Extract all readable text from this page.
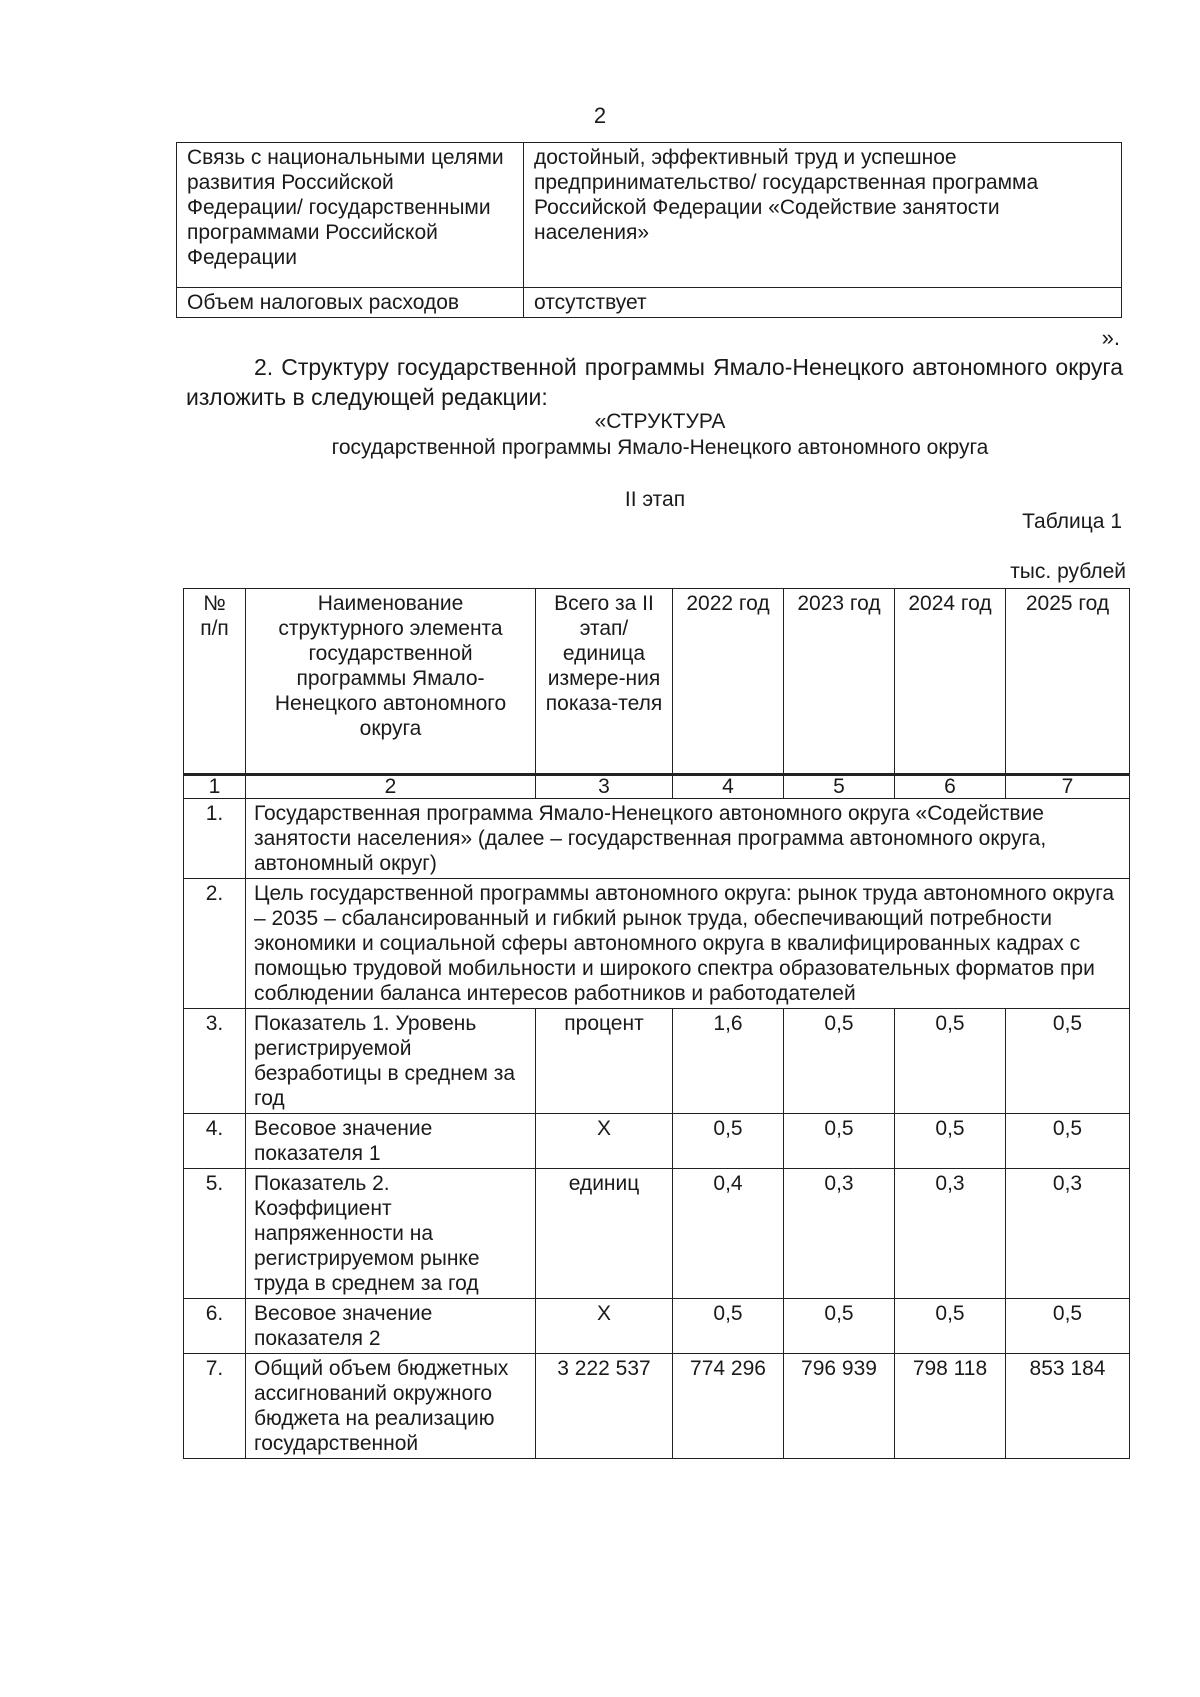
2
Связь с национальными целями развития Российской Федерации/ государственными программами Российской Федерации	достойный, эффективный труд и успешное предпринимательство/ государственная программа Российской Федерации «Содействие занятости населения»
Объем налоговых расходов	отсутствует
».

2. Структуру государственной программы Ямало-Ненецкого автономного округа изложить в следующей редакции:

«СТРУКТУРА
государственной программы Ямало-Ненецкого автономного округа
II этап
Таблица 1
тыс. рублей
№ п/п	Наименование структурного элемента государственной программы Ямало-Ненецкого автономного округа	Всего за II этап/ единица измере-ния показа-теля	2022 год	2023 год	2024 год	2025 год
1	2	3	4	5	6	7
1.	Государственная программа Ямало-Ненецкого автономного округа «Содействие занятости населения» (далее – государственная программа автономного округа, автономный округ)					
2.	Цель государственной программы автономного округа: рынок труда автономного округа – 2035 – сбалансированный и гибкий рынок труда, обеспечивающий потребности экономики и социальной сферы автономного округа в квалифицированных кадрах с помощью трудовой мобильности и широкого спектра образовательных форматов при соблюдении баланса интересов работников и работодателей					
3.	Показатель 1. Уровень регистрируемой безработицы в среднем за год	процент	1,6	0,5	0,5	0,5
4.	Весовое значение показателя 1	Х	0,5	0,5	0,5	0,5
5.	Показатель 2. Коэффициент напряженности на регистрируемом рынке труда в среднем за год	единиц	0,4	0,3	0,3	0,3
6.	Весовое значение показателя 2	Х	0,5	0,5	0,5	0,5
7.	Общий объем бюджетных ассигнований окружного бюджета на реализацию государственной	3 222 537	774 296	796 939	798 118	853 184
